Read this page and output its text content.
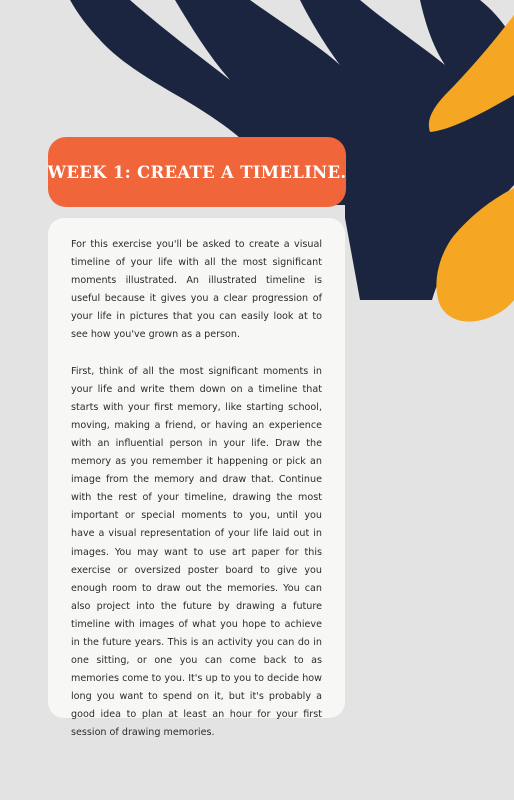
WEEK 1: CREATE A TIMELINE.

For this exercise you'll be asked to create a visual timeline of your life with all the most significant moments illustrated. An illustrated timeline is useful because it gives you a clear progression of your life in pictures that you can easily look at to see how you've grown as a person.

First, think of all the most significant moments in your life and write them down on a timeline that starts with your first memory, like starting school, moving, making a friend, or having an experience with an influential person in your life. Draw the memory as you remember it happening or pick an image from the memory and draw that. Continue with the rest of your timeline, drawing the most important or special moments to you, until you have a visual representation of your life laid out in images. You may want to use art paper for this exercise or oversized poster board to give you enough room to draw out the memories. You can also project into the future by drawing a future timeline with images of what you hope to achieve in the future years. This is an activity you can do in one sitting, or one you can come back to as memories come to you. It's up to you to decide how long you want to spend on it, but it's probably a good idea to plan at least an hour for your first session of drawing memories.
